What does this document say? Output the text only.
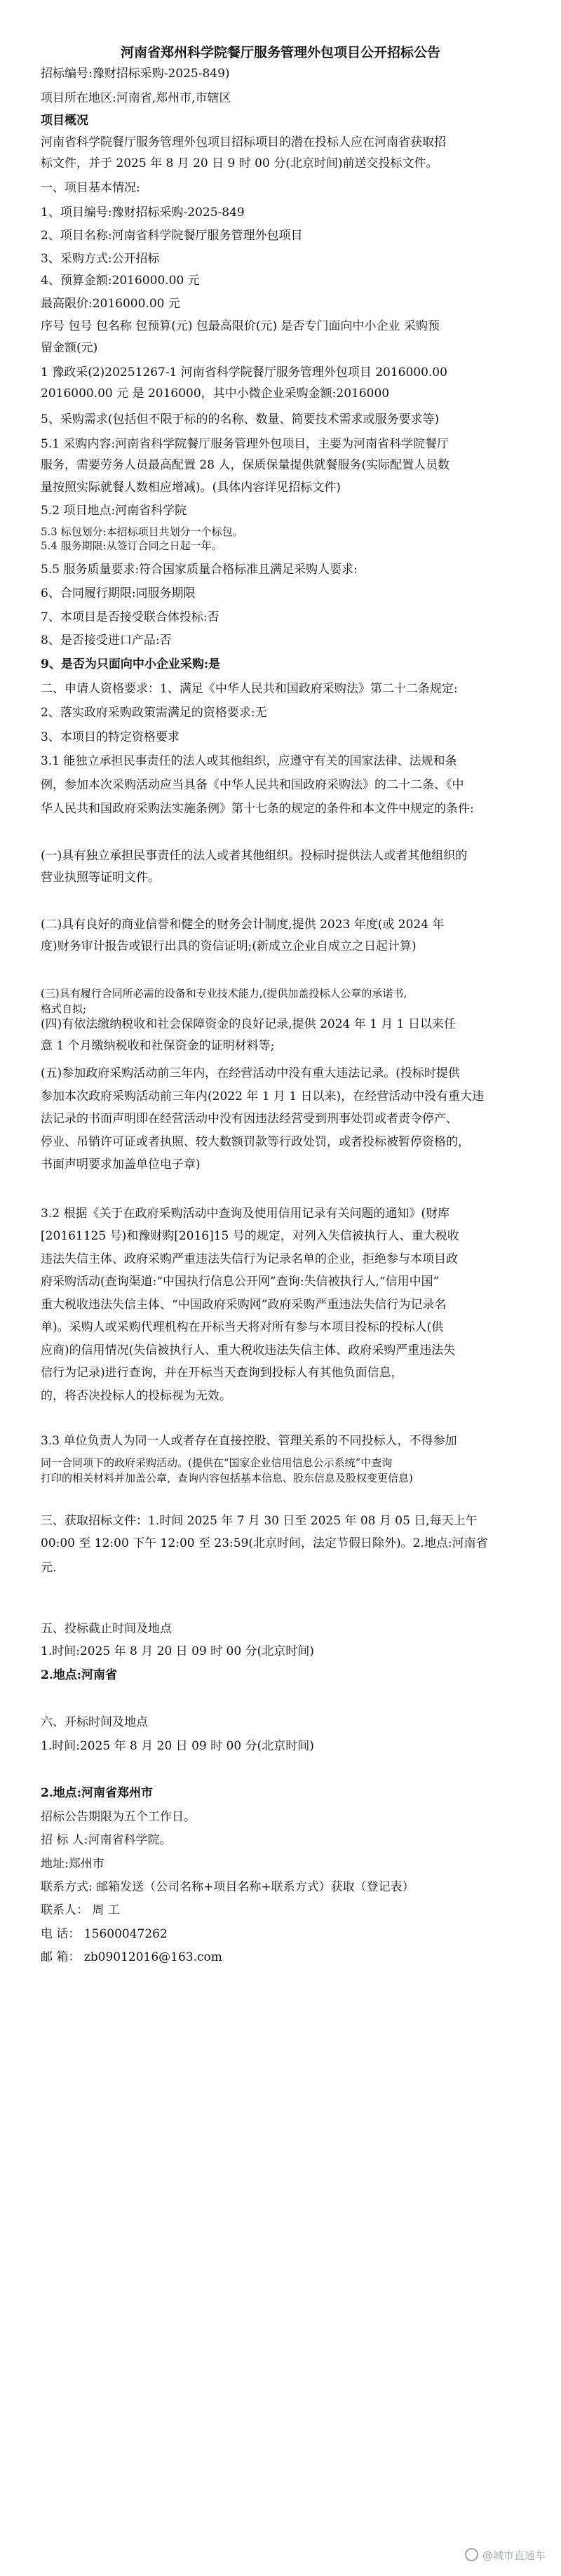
河南省郑州科学院餐厅服务管理外包项目公开招标公告
招标编号:豫财招标采购-2025-849)
项目所在地区:河南省,郑州市,市辖区
项目概况
河南省科学院餐厅服务管理外包项目招标项目的潜在投标人应在河南省获取招
标文件，并于 2025 年 8 月 20 日 9 时 00 分(北京时间)前送交投标文件。
一、项目基本情况:
1、项目编号:豫财招标采购-2025-849
2、项目名称:河南省科学院餐厅服务管理外包项目
3、采购方式:公开招标
4、预算金额:2016000.00 元
最高限价:2016000.00 元
序号 包号 包名称 包预算(元) 包最高限价(元) 是否专门面向中小企业 采购预
留金额(元)
1 豫政采(2)20251267-1 河南省科学院餐厅服务管理外包项目 2016000.00
2016000.00 元 是 2016000，其中小微企业采购金额:2016000
5、采购需求(包括但不限于标的的名称、数量、简要技术需求或服务要求等)
5.1 采购内容:河南省科学院餐厅服务管理外包项目，主要为河南省科学院餐厅
服务，需要劳务人员最高配置 28 人，保质保量提供就餐服务(实际配置人员数
量按照实际就餐人数相应增减)。(具体内容详见招标文件)
5.2 项目地点:河南省科学院
5.3 标包划分:本招标项目共划分一个标包。
5.4 服务期限:从签订合同之日起一年。
5.5 服务质量要求:符合国家质量合格标准且满足采购人要求:
6、合同履行期限:同服务期限
7、本项目是否接受联合体投标:否
8、是否接受进口产品:否
9、是否为只面向中小企业采购:是
二、申请人资格要求：1、满足《中华人民共和国政府采购法》第二十二条规定:
2、落实政府采购政策需满足的资格要求:无
3、本项目的特定资格要求
3.1 能独立承担民事责任的法人或其他组织，应遵守有关的国家法律、法规和条
例，参加本次采购活动应当具备《中华人民共和国政府采购法》的二十二条、《中
华人民共和国政府采购法实施条例》第十七条的规定的条件和本文件中规定的条件:
(一)具有独立承担民事责任的法人或者其他组织。投标时提供法人或者其他组织的
营业执照等证明文件。
(二)具有良好的商业信誉和健全的财务会计制度,提供 2023 年度(或 2024 年
度)财务审计报告或银行出具的资信证明;(新成立企业自成立之日起计算)
(三)具有履行合同所必需的设备和专业技术能力,(提供加盖投标人公章的承诺书,
格式自拟;
(四)有依法缴纳税收和社会保障资金的良好记录,提供 2024 年 1 月 1 日以来任
意 1 个月缴纳税收和社保资金的证明材料等;
(五)参加政府采购活动前三年内，在经营活动中没有重大违法记录。(投标时提供
参加本次政府采购活动前三年内(2022 年 1 月 1 日以来)，在经营活动中没有重大违
法记录的书面声明即在经营活动中没有因违法经营受到刑事处罚或者责令停产、
停业、吊销许可证或者执照、较大数额罚款等行政处罚，或者投标被暂停资格的，
书面声明要求加盖单位电子章)
3.2 根据《关于在政府采购活动中查询及使用信用记录有关问题的通知》(财库
[20161125 号)和豫财购[2016]15 号的规定，对列入失信被执行人、重大税收
违法失信主体、政府采购严重违法失信行为记录名单的企业，拒绝参与本项目政
府采购活动(查询渠道:“中国执行信息公开网”查询:失信被执行人,“信用中国”
重大税收违法失信主体、“中国政府采购网”政府采购严重违法失信行为记录名
单)。采购人或采购代理机构在开标当天将对所有参与本项目投标的投标人(供
应商)的信用情况(失信被执行人、重大税收违法失信主体、政府采购严重违法失
信行为记录)进行查询，并在开标当天查询到投标人有其他负面信息，
的，将否决投标人的投标视为无效。
3.3 单位负责人为同一人或者存在直接控股、管理关系的不同投标人，不得参加
同一合同项下的政府采购活动。(提供在“国家企业信用信息公示系统”中查询
打印的相关材料并加盖公章，查询内容包括基本信息、股东信息及股权变更信息)
三、获取招标文件：1.时间 2025 年 7 月 30 日至 2025 年 08 月 05 日,每天上午
00:00 至 12:00 下午 12:00 至 23:59(北京时间，法定节假日除外)。2.地点:河南省
元.
五、投标截止时间及地点
1.时间:2025 年 8 月 20 日 09 时 00 分(北京时间)
2.地点:河南省
六、开标时间及地点
1.时间:2025 年 8 月 20 日 09 时 00 分(北京时间)
2.地点:河南省郑州市
招标公告期限为五个工作日。
招 标 人:河南省科学院。
地址:郑州市
联系方式: 邮箱发送（公司名称+项目名称+联系方式）获取（登记表）
联系人： 周 工
电 话： 15600047262
邮 箱： zb09012016@163.com
@城市直通车
